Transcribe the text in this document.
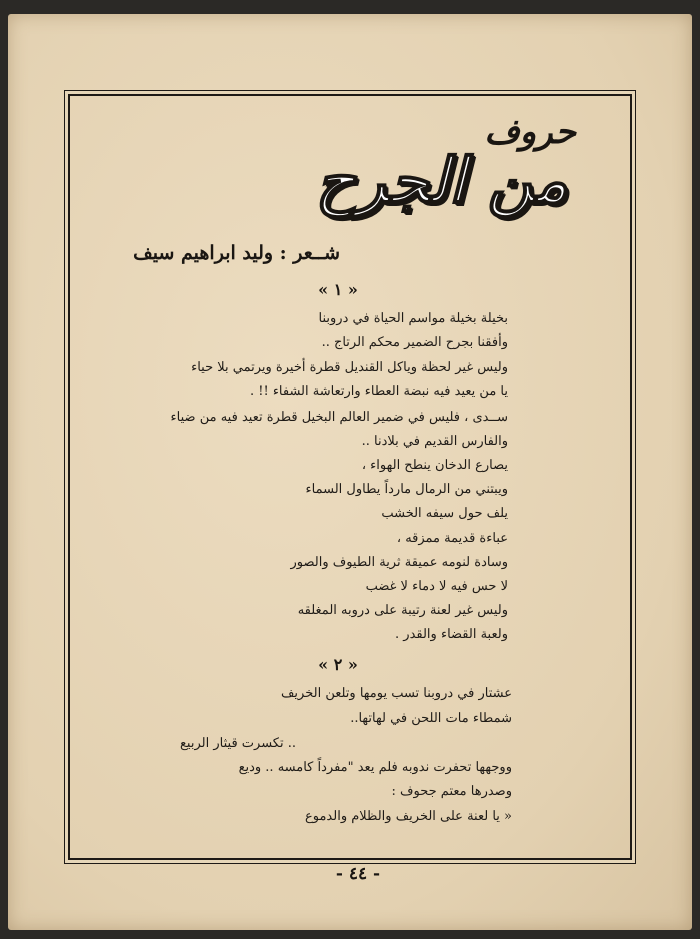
حروف
من الجرح
شــعر : وليد ابراهيم سيف
« ١ »
بخيلة بخيلة مواسم الحياة في دروبنا
وأفقنا بجرح الضمير محكم الرتاج ..
وليس غير لحظة وياكل القنديل قطرة أخيرة ويرتمي بلا حياء
يا من يعيد فيه نبضة العطاء وارتعاشة الشفاء !! .
ســدى ، فليس في ضمير العالم البخيل قطرة تعيد فيه من ضياء
والفارس القديم في بلادنا ..
يصارع الدخان ينطح الهواء ،
ويبتني من الرمال مارداً يطاول السماء
يلف حول سيفه الخشب
عباءة قديمة ممزقه ،
وسادة لنومه عميقة ثرية الطيوف والصور
لا حس فيه لا دماء لا غضب
وليس غير لعنة رتيبة على دروبه المغلقه
ولعبة القضاء والقدر .
« ٢ »
عشتار في دروبنا تسب يومها وتلعن الخريف
شمطاء مات اللحن في لهاتها..
.. تكسرت قيثار الربيع
ووجهها تحفرت ندوبه فلم يعد "مفرداً كامسه .. وديع
وصدرها معتم جحوف :
« يا لعنة على الخريف والظلام والدموع
- ٤٤ -
